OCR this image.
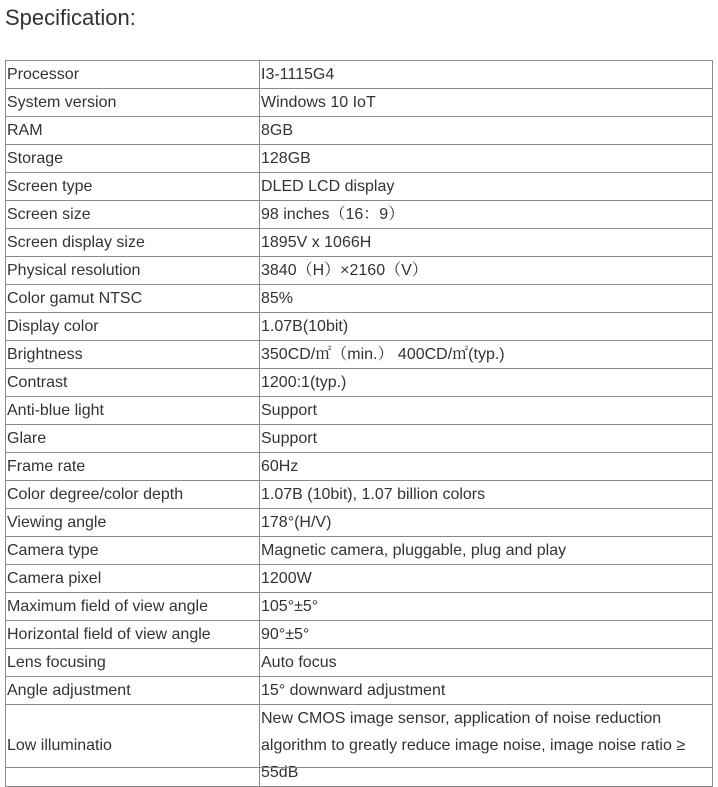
Specification:
Processor	I3-1115G4
System version	Windows 10 IoT
RAM	8GB
Storage	128GB
Screen type	DLED LCD display
Screen size	98 inches（16：9）
Screen display size	1895V x 1066H
Physical resolution	3840（H）×2160（V）
Color gamut NTSC	85%
Display color	1.07B(10bit)
Brightness	350CD/㎡（min.） 400CD/㎡(typ.)
Contrast	1200:1(typ.)
Anti-blue light	Support
Glare	Support
Frame rate	60Hz
Color degree/color depth	1.07B (10bit), 1.07 billion colors
Viewing angle	178°(H/V)
Camera type	Magnetic camera, pluggable, plug and play
Camera pixel	1200W
Maximum field of view angle	105°±5°
Horizontal field of view angle	90°±5°
Lens focusing	Auto focus
Angle adjustment	15° downward adjustment
Low illuminatio	New CMOS image sensor, application of noise reduction algorithm to greatly reduce image noise, image noise ratio ≥ 55dB
